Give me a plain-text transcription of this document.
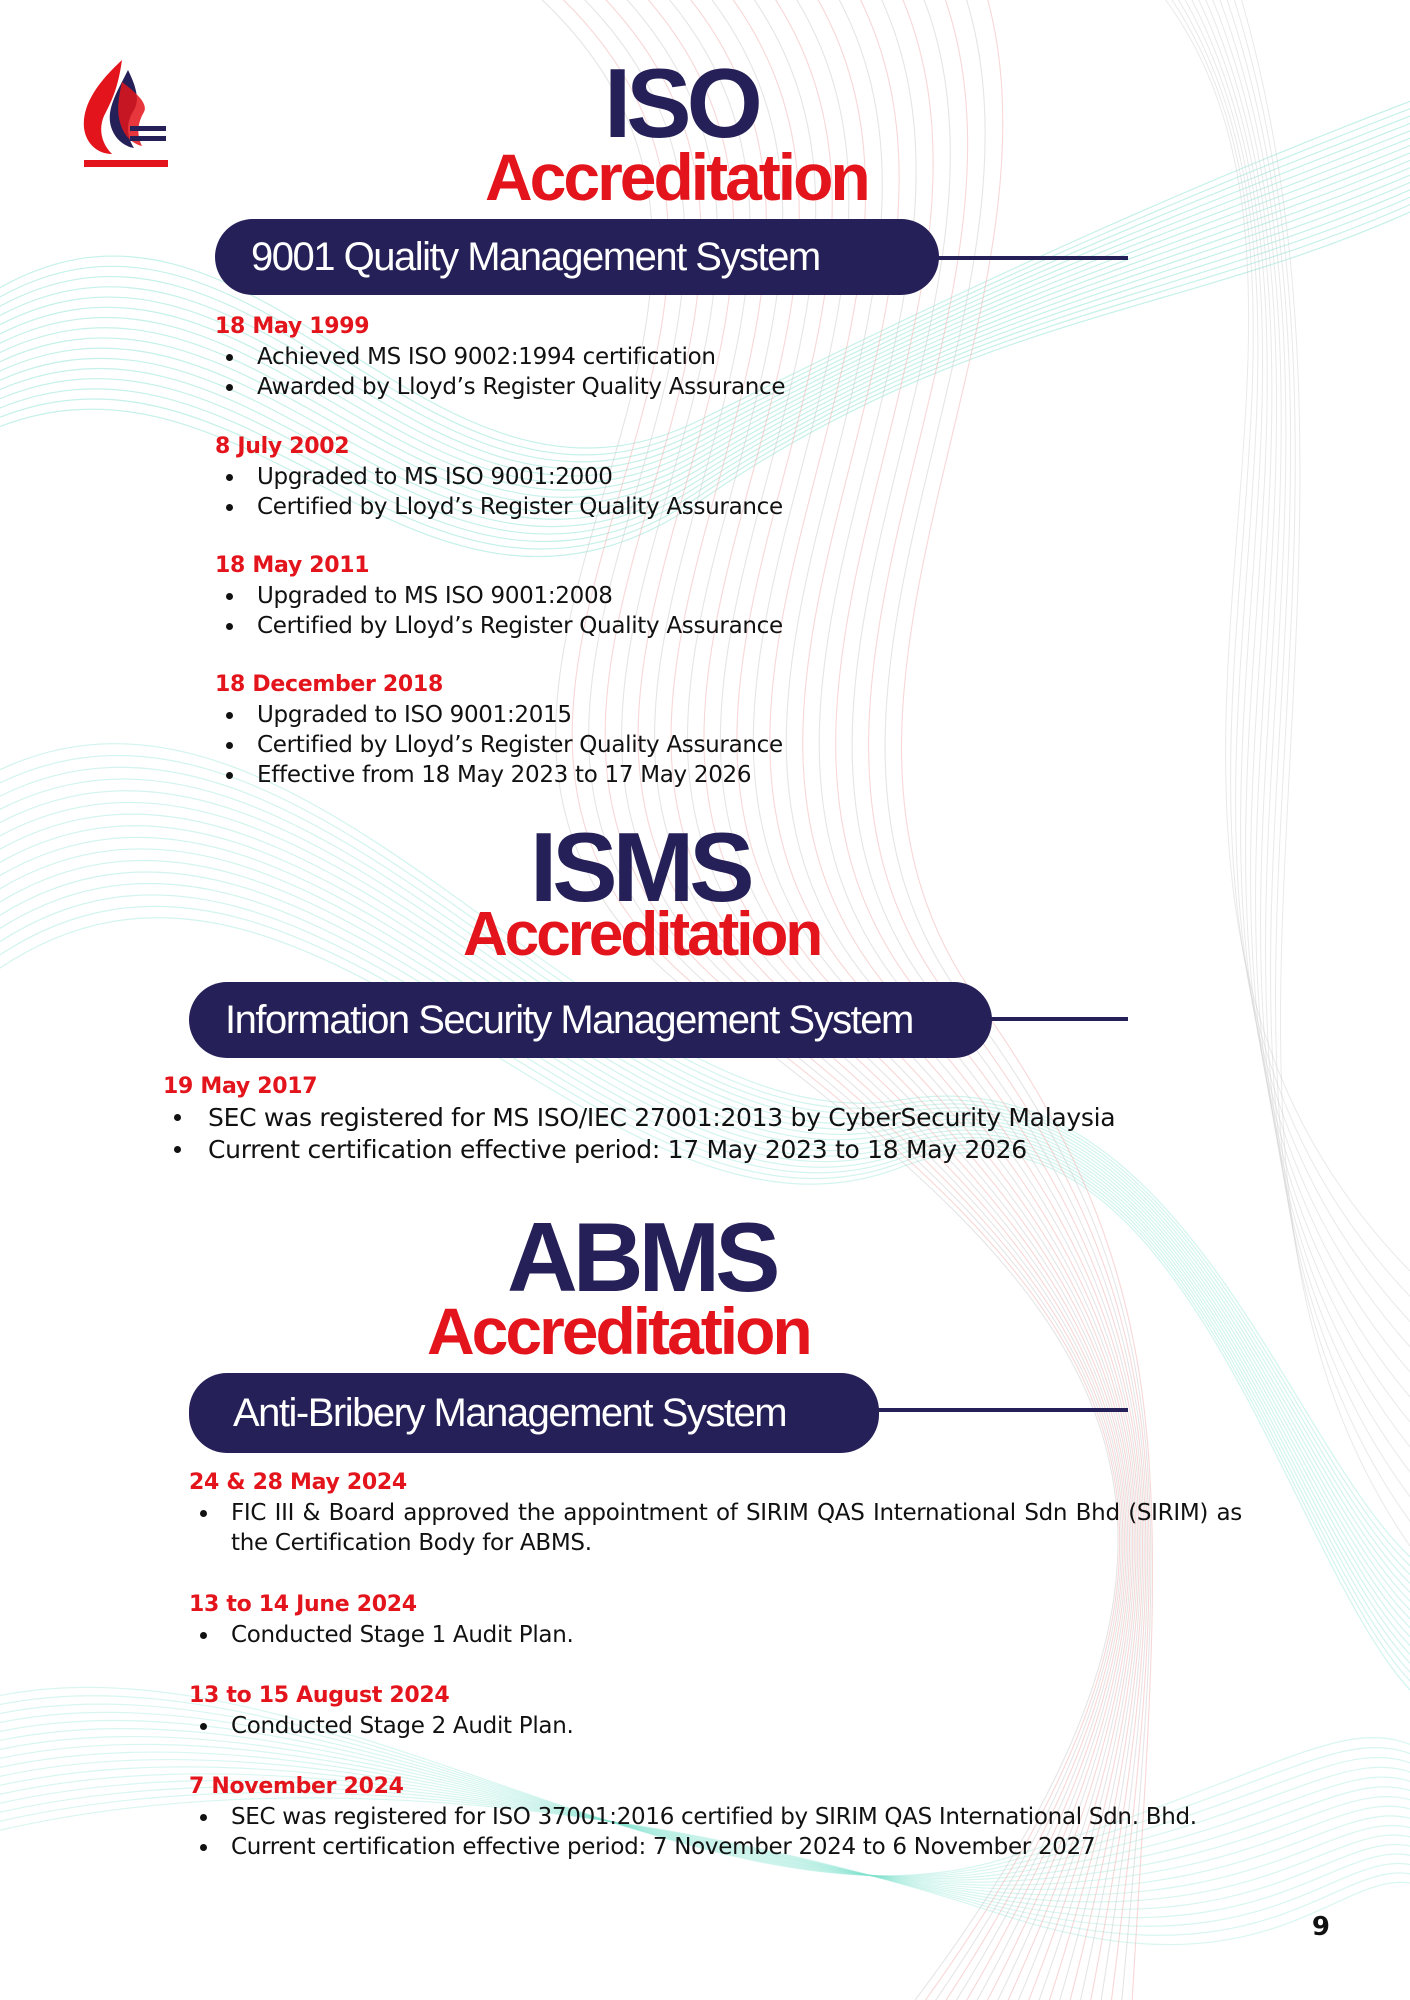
ISO
Accreditation
9001 Quality Management System
18 May 1999
Achieved MS ISO 9002:1994 certification
Awarded by Lloyd’s Register Quality Assurance
8 July 2002
Upgraded to MS ISO 9001:2000
Certified by Lloyd’s Register Quality Assurance
18 May 2011
Upgraded to MS ISO 9001:2008
Certified by Lloyd’s Register Quality Assurance
18 December 2018
Upgraded to ISO 9001:2015
Certified by Lloyd’s Register Quality Assurance
Effective from 18 May 2023 to 17 May 2026
ISMS
Accreditation
Information Security Management System
19 May 2017
SEC was registered for MS ISO/IEC 27001:2013 by CyberSecurity Malaysia
Current certification effective period: 17 May 2023 to 18 May 2026
ABMS
Accreditation
Anti-Bribery Management System
24 & 28 May 2024
FIC III & Board approved the appointment of SIRIM QAS International Sdn Bhd (SIRIM) as the Certification Body for ABMS.
13 to 14 June 2024
Conducted Stage 1 Audit Plan.
13 to 15 August 2024
Conducted Stage 2 Audit Plan.
7 November 2024
SEC was registered for ISO 37001:2016 certified by SIRIM QAS International Sdn. Bhd.
Current certification effective period: 7 November 2024 to 6 November 2027
9
